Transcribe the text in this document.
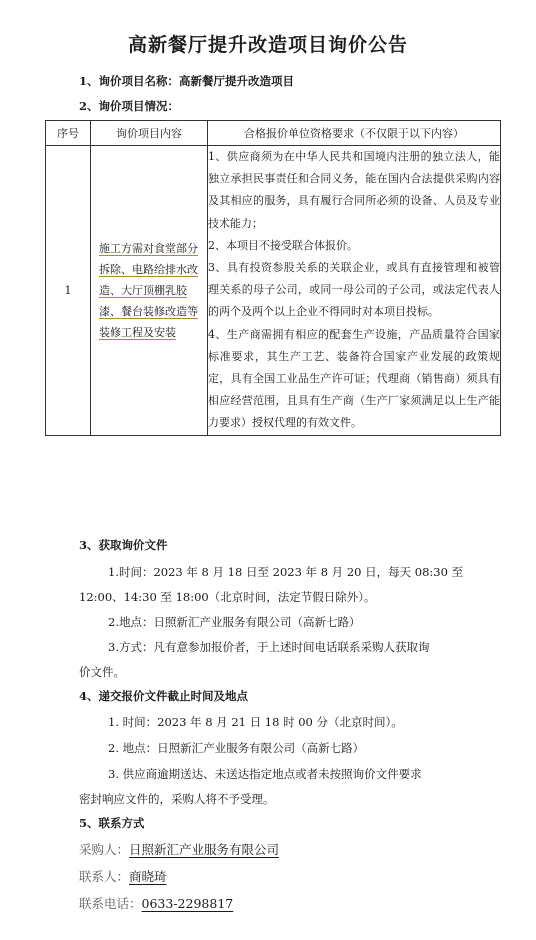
高新餐厅提升改造项目询价公告
1、询价项目名称：高新餐厅提升改造项目
2、询价项目情况：
序号	询价项目内容	合格报价单位资格要求（不仅限于以下内容）
1	施工方需对食堂部分拆除、电路给排水改造、大厅顶棚乳胶漆、餐台装修改造等装修工程及安装	1、供应商须为在中华人民共和国境内注册的独立法人，能独立承担民事责任和合同义务，能在国内合法提供采购内容及其相应的服务，具有履行合同所必须的设备、人员及专业技术能力；

2、本项目不接受联合体报价。

3、具有投资参股关系的关联企业，或具有直接管理和被管理关系的母子公司，或同一母公司的子公司，或法定代表人的两个及两个以上企业不得同时对本项目投标。

4、生产商需拥有相应的配套生产设施，产品质量符合国家标准要求，其生产工艺、装备符合国家产业发展的政策规定，具有全国工业品生产许可证；代理商（销售商）须具有相应经营范围，且具有生产商（生产厂家须满足以上生产能力要求）授权代理的有效文件。

3、获取询价文件
1.时间：2023 年 8 月 18 日至 2023 年 8 月 20 日，每天 08:30 至
12:00、14:30 至 18:00（北京时间，法定节假日除外）。
2.地点：日照新汇产业服务有限公司（高新七路）
3.方式：凡有意参加报价者，于上述时间电话联系采购人获取询
价文件。
4、递交报价文件截止时间及地点
1. 时间：2023 年 8 月 21 日 18 时 00 分（北京时间）。
2. 地点：日照新汇产业服务有限公司（高新七路）
3. 供应商逾期送达、未送达指定地点或者未按照询价文件要求
密封响应文件的，采购人将不予受理。
5、联系方式
采购人：日照新汇产业服务有限公司
联系人：商晓琦
联系电话：0633-2298817
